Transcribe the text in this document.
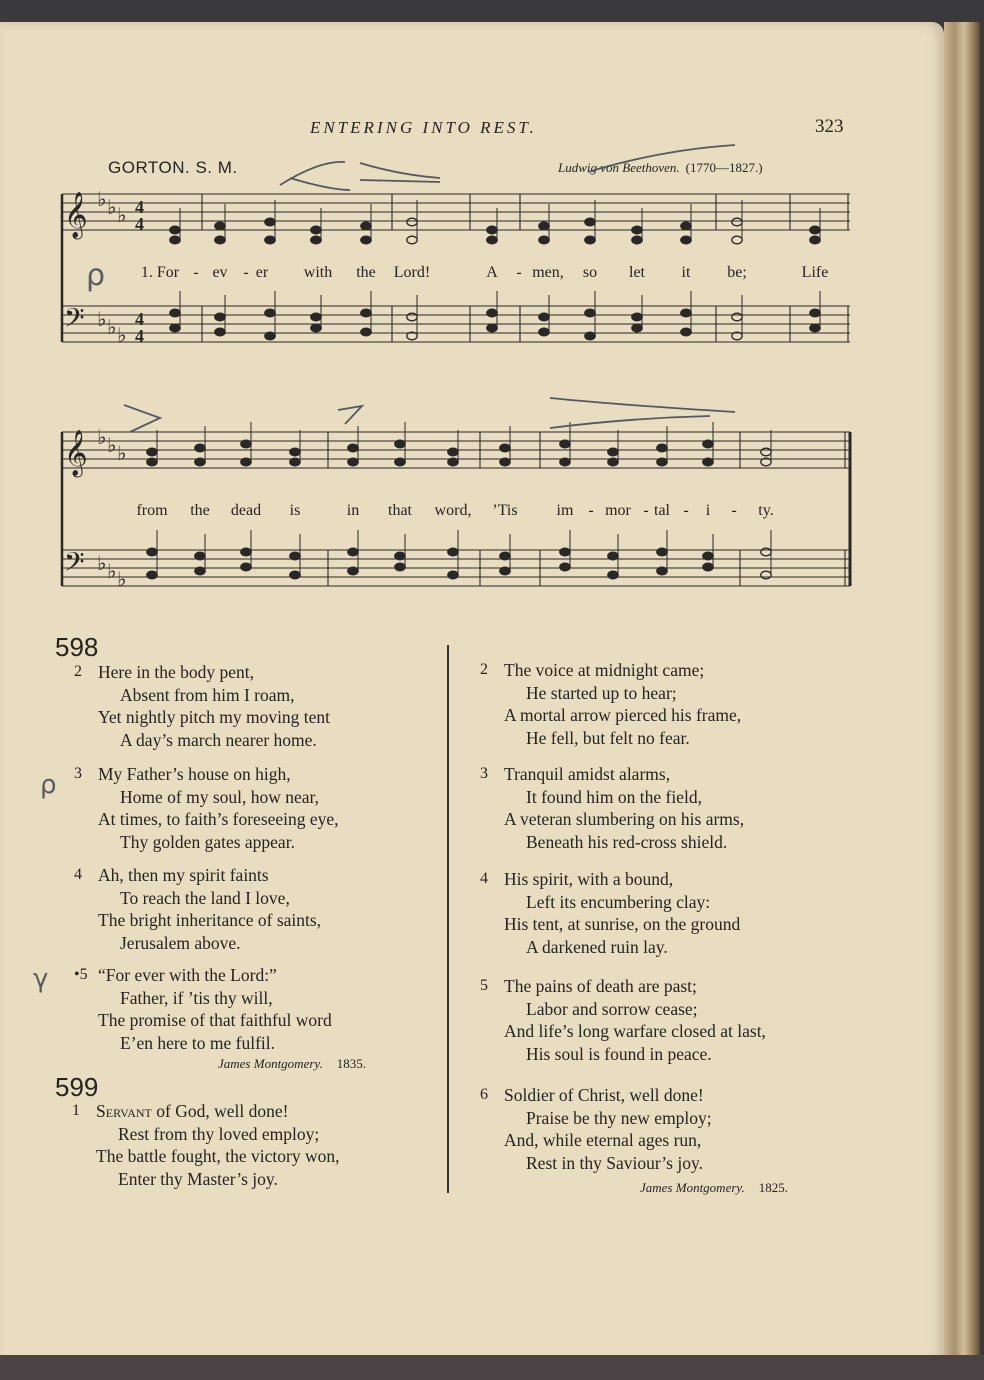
ENTERING INTO REST.	323
GORTON. S. M.	Ludwig von Beethoven. (1770—1827.)
𝄞
𝄢
♭
♭
♭
♭
♭
♭
𝄞
𝄢
♭
♭
♭
♭
♭
♭
4
4
4
4
1. For - ev - er with the Lord!	A - men, so let it be;	Life
from the dead is	in that word, ’Tis im - mor - tal - i - ty.
ρ
598
2 Here in the body pent,
Absent from him I roam,
Yet nightly pitch my moving tent
A day’s march nearer home.
3 My Father’s house on high,
Home of my soul, how near,
At times, to faith’s foreseeing eye,
Thy golden gates appear.
4 Ah, then my spirit faints
To reach the land I love,
The bright inheritance of saints,
Jerusalem above.
•5 “For ever with the Lord:”
Father, if ’tis thy will,
The promise of that faithful word
E’en here to me fulfil.
James Montgomery. 1835.
ρ
γ
599
1 Servant of God, well done!
Rest from thy loved employ;
The battle fought, the victory won,
Enter thy Master’s joy.
2 The voice at midnight came;
He started up to hear;
A mortal arrow pierced his frame,
He fell, but felt no fear.
3 Tranquil amidst alarms,
It found him on the field,
A veteran slumbering on his arms,
Beneath his red-cross shield.
4 His spirit, with a bound,
Left its encumbering clay:
His tent, at sunrise, on the ground
A darkened ruin lay.
5 The pains of death are past;
Labor and sorrow cease;
And life’s long warfare closed at last,
His soul is found in peace.
6 Soldier of Christ, well done!
Praise be thy new employ;
And, while eternal ages run,
Rest in thy Saviour’s joy.
James Montgomery. 1825.
